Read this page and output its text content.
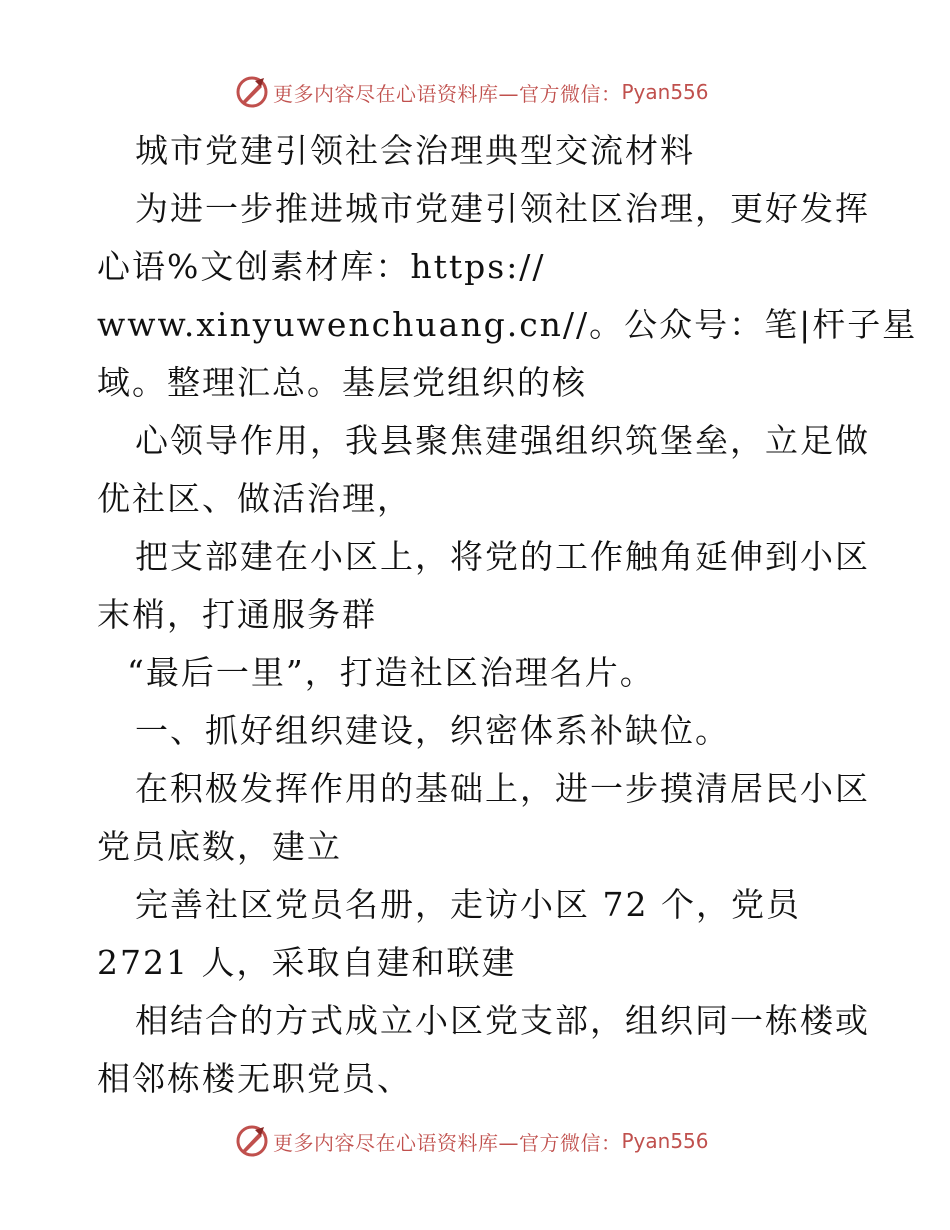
更多内容尽在心语资料库—官方微信： Pyan556
城市党建引领社会治理典型交流材料
为进一步推进城市党建引领社区治理，更好发挥
心语%文创素材库：https://
www.xinyuwenchuang.cn//。公众号：笔|杆子星
域。整理汇总。基层党组织的核
心领导作用，我县聚焦建强组织筑堡垒，立足做
优社区、做活治理，
把支部建在小区上，将党的工作触角延伸到小区
末梢，打通服务群
“最后一里”，打造社区治理名片。
一、抓好组织建设，织密体系补缺位。
在积极发挥作用的基础上，进一步摸清居民小区
党员底数，建立
完善社区党员名册，走访小区 72 个，党员
2721 人，采取自建和联建
相结合的方式成立小区党支部，组织同一栋楼或
相邻栋楼无职党员、
更多内容尽在心语资料库—官方微信： Pyan556
